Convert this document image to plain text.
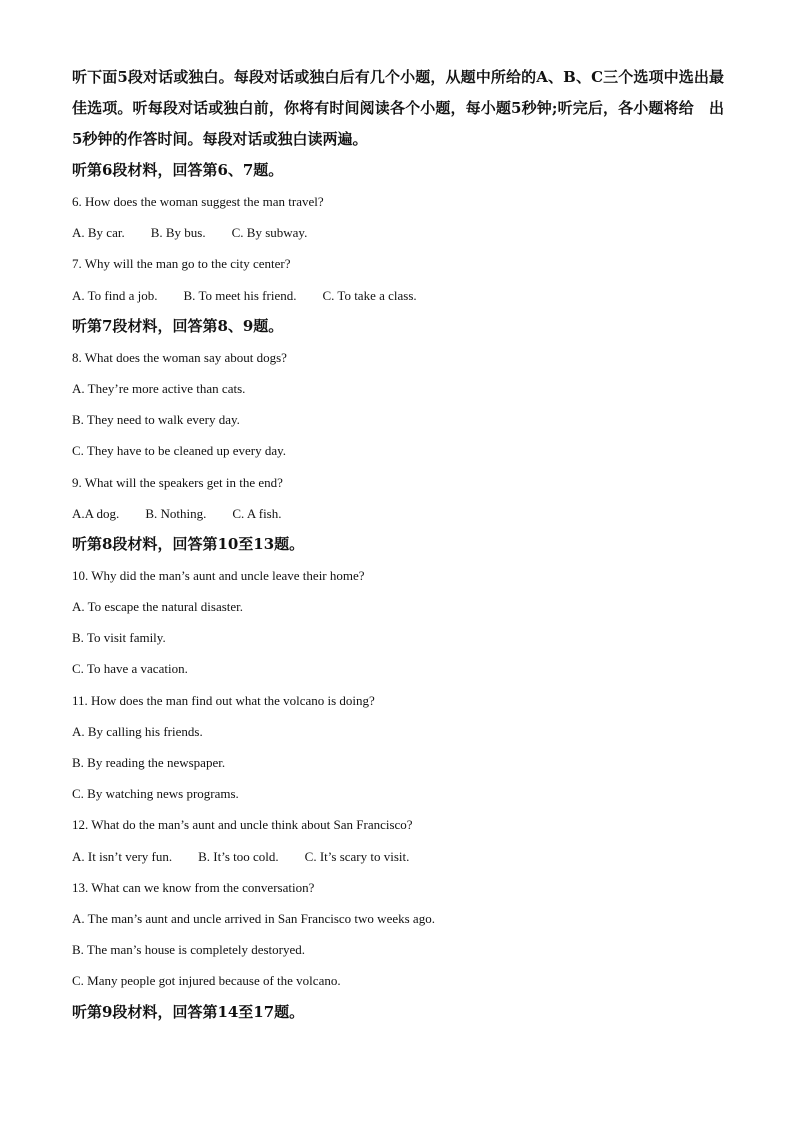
听下面5段对话或独白。每段对话或独白后有几个小题，从题中所给的A、B、C三个选项中选出最佳选项。听每段对话或独白前，你将有时间阅读各个小题，每小题5秒钟;听完后，各小题将给　出5秒钟的作答时间。每段对话或独白读两遍。

听第6段材料，回答第6、7题。

6. How does the woman suggest the man travel?

A. By car. B. By bus. C. By subway.

7. Why will the man go to the city center?

A. To find a job. B. To meet his friend. C. To take a class.

听第7段材料，回答第8、9题。

8. What does the woman say about dogs?

A. They’re more active than cats.

B. They need to walk every day.

C. They have to be cleaned up every day.

9. What will the speakers get in the end?

A.A dog. B. Nothing. C. A fish.

听第8段材料，回答第10至13题。

10. Why did the man’s aunt and uncle leave their home?

A. To escape the natural disaster.

B. To visit family.

C. To have a vacation.

11. How does the man find out what the volcano is doing?

A. By calling his friends.

B. By reading the newspaper.

C. By watching news programs.

12. What do the man’s aunt and uncle think about San Francisco?

A. It isn’t very fun. B. It’s too cold. C. It’s scary to visit.

13. What can we know from the conversation?

A. The man’s aunt and uncle arrived in San Francisco two weeks ago.

B. The man’s house is completely destoryed.

C. Many people got injured because of the volcano.

听第9段材料，回答第14至17题。
